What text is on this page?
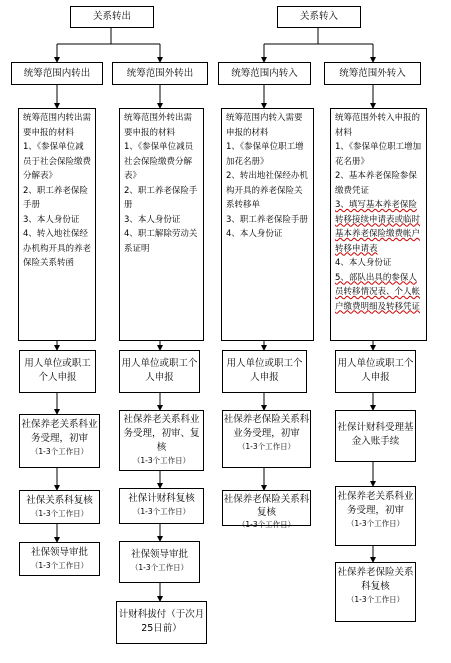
关系转出	关系转入
统筹范围内转出	统筹范围外转出	统筹范围内转入	统筹范围外转入
统筹范围内转出需要申报的材料
1、《参保单位减员于社会保险缴费分解表》
2、职工养老保险手册
3、本人身份证
4、转入地社保经办机构开具的养老保险关系转函
统筹范围外转出需要申报的材料
1、《参保单位减员社会保险缴费分解表》
2、职工养老保险手册
3、本人身份证
4、职工解除劳动关系证明
统筹范围内转入需要申报的材料
1、《参保单位职工增加花名册》
2、转出地社保经办机构开具的养老保险关系转移单
3、职工养老保险手册
4、本人身份证
统筹范围外转入申报的材料
1、《参保单位职工增加花名册》
2、基本养老保险参保缴费凭证
3、填写基本养老保险转移接续申请表或临时基本养老保险缴费帐户转移申请表
4、本人身份证
5、部队出具的参保人员转移情况表、个人帐户缴费明细及转移凭证
用人单位或职工个人申报
社保养老关系科业务受理，初审
（1-3个工作日）
社保关系科复核
（1-3个工作日）
社保领导审批
（1-3个工作日）
用人单位或职工个人申报
社保养老关系科业务受理，初审、复核
（1-3个工作日）
社保计财科复核
（1-3个工作日）
社保领导审批
（1-3个工作日）
计财科拔付（于次月25日前）
用人单位或职工个人申报
社保养老保险关系科业务受理，初审
（1-3个工作日）
社保养老保险关系科复核
（1-3个工作日）
用人单位或职工个人申报
社保计财科受理基金入账手续
社保养老关系科业务受理，初审
（1-3个工作日）
社保养老保险关系科复核
（1-3个工作日）
